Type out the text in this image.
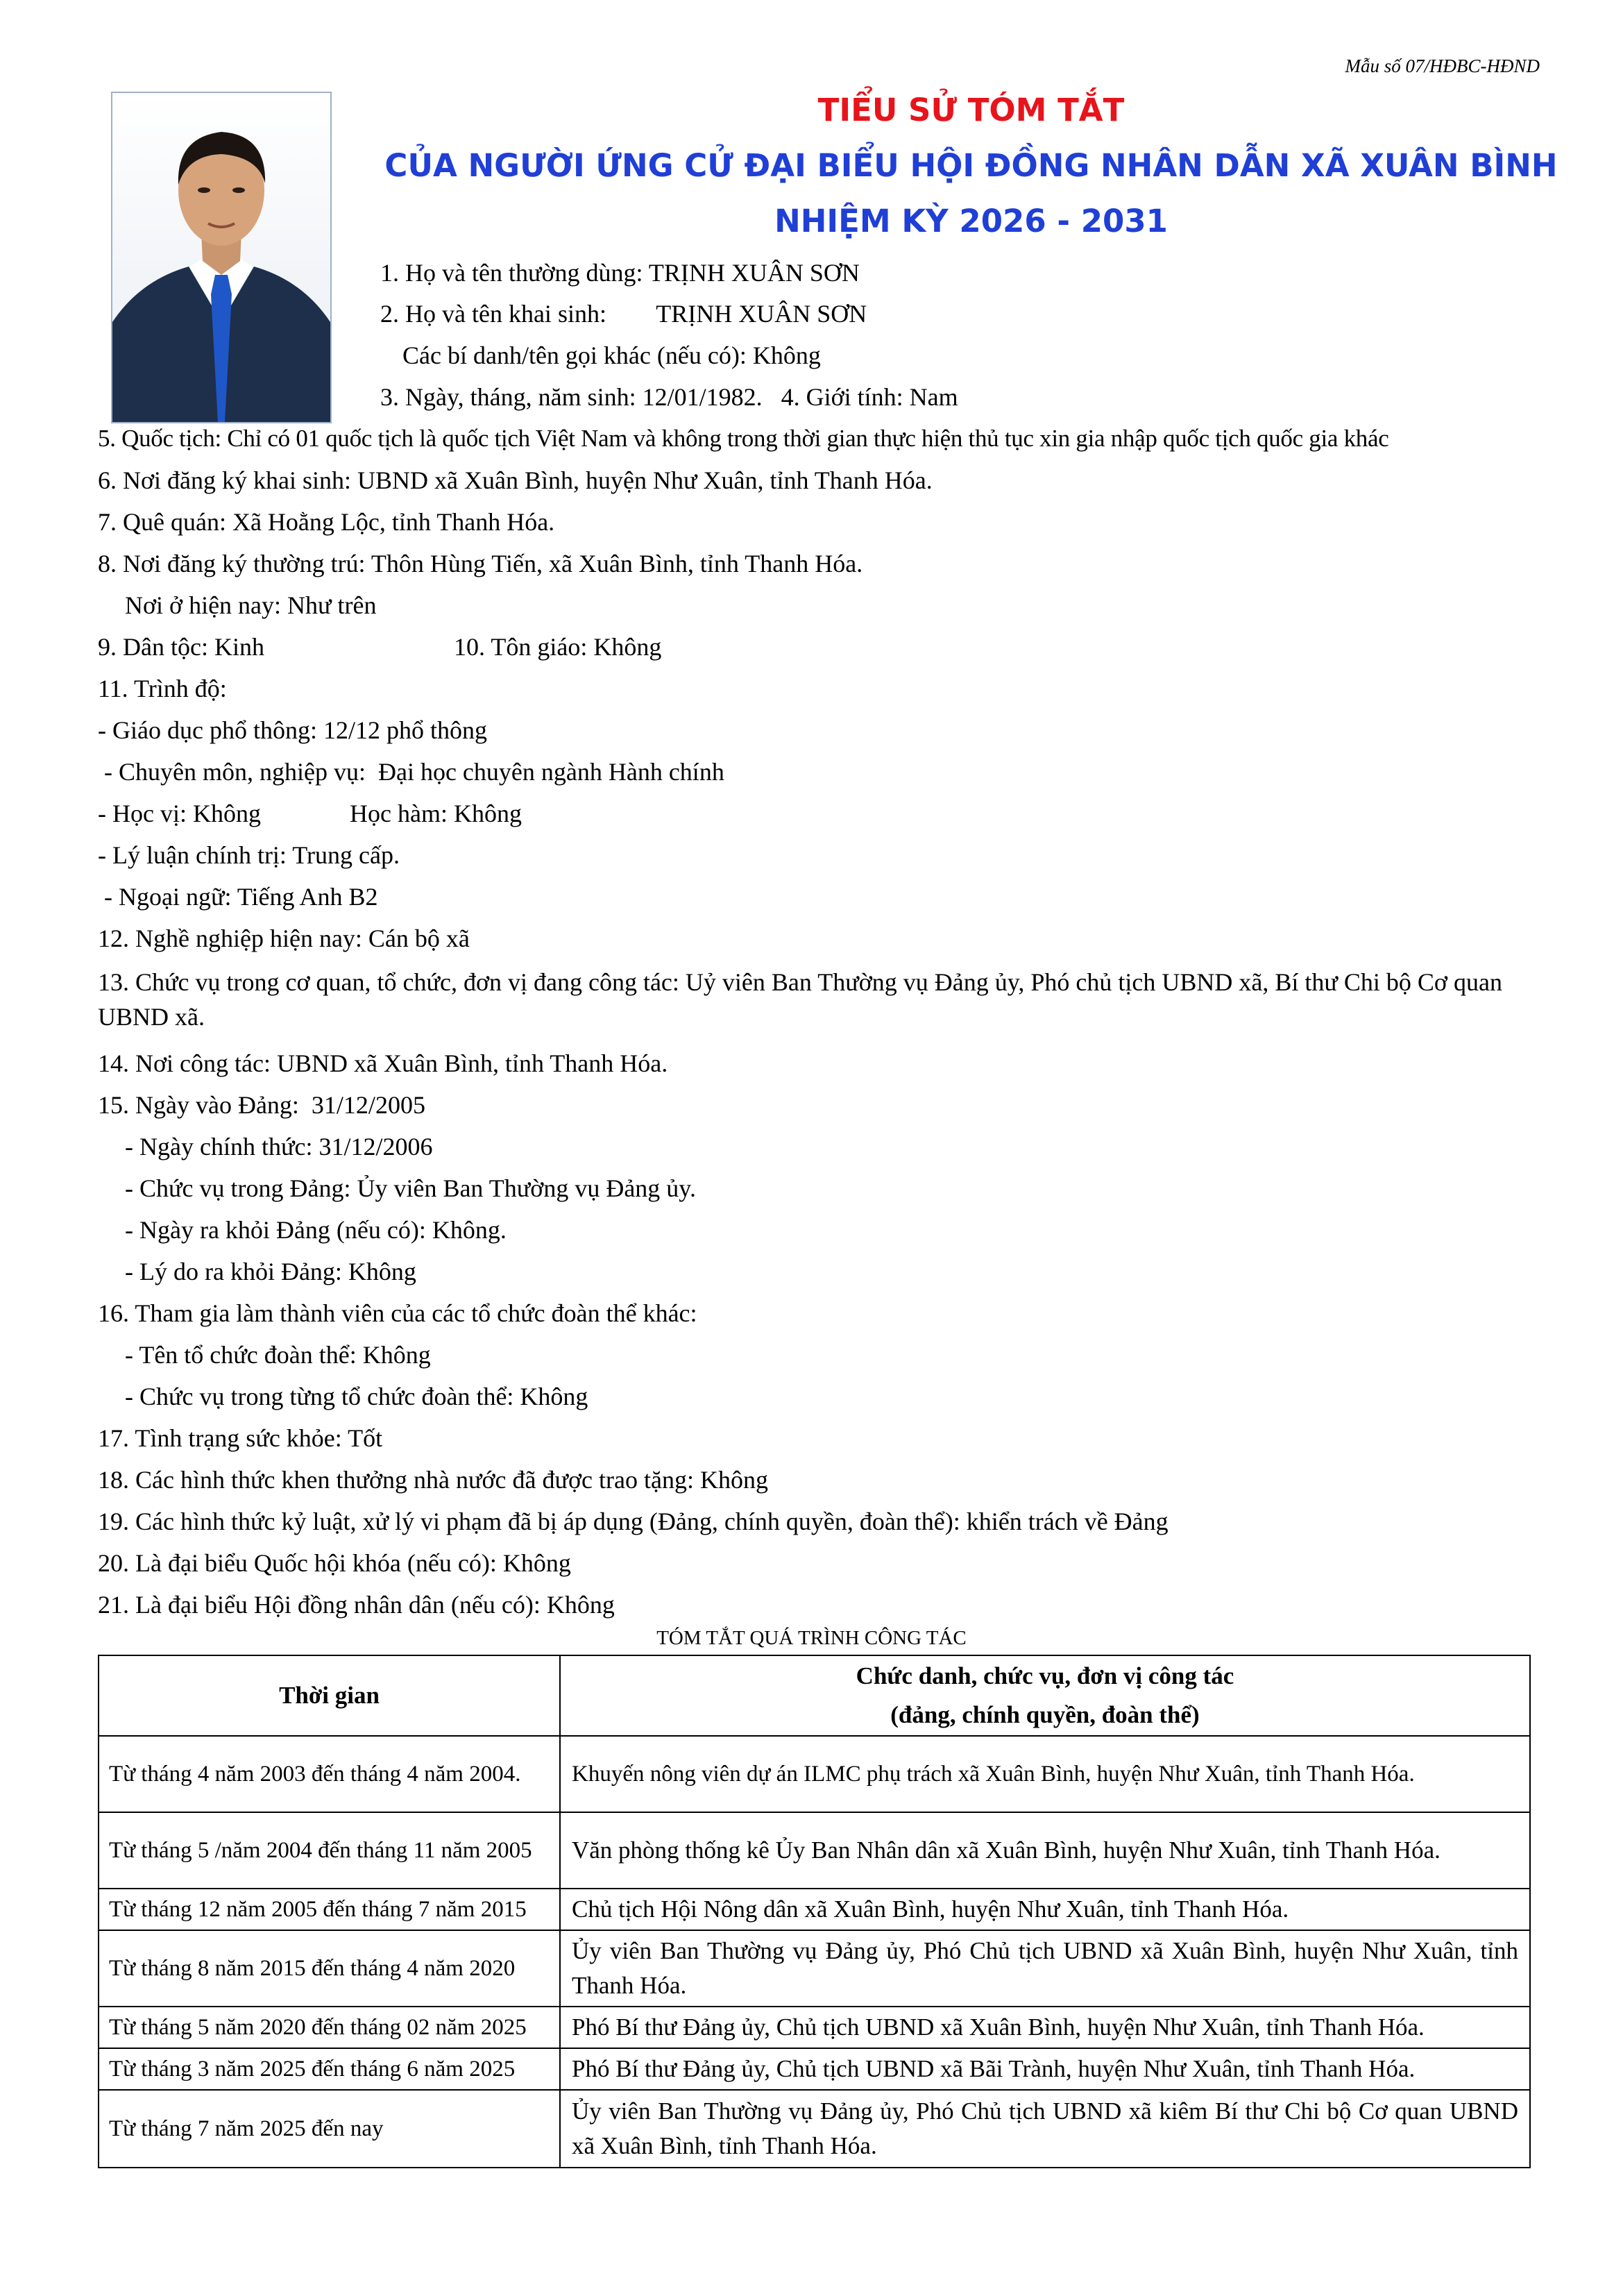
Mẫu số 07/HĐBC-HĐND
TIỂU SỬ TÓM TẮT
CỦA NGƯỜI ỨNG CỬ ĐẠI BIỂU HỘI ĐỒNG NHÂN DẪN XÃ XUÂN BÌNH
NHIỆM KỲ 2026 - 2031

1. Họ và tên thường dùng: TRỊNH XUÂN SƠN

2. Họ và tên khai sinh:        TRỊNH XUÂN SƠN

Các bí danh/tên gọi khác (nếu có): Không

3. Ngày, tháng, năm sinh: 12/01/1982.   4. Giới tính: Nam

5. Quốc tịch: Chỉ có 01 quốc tịch là quốc tịch Việt Nam và không trong thời gian thực hiện thủ tục xin gia nhập quốc tịch quốc gia khác

6. Nơi đăng ký khai sinh: UBND xã Xuân Bình, huyện Như Xuân, tỉnh Thanh Hóa.

7. Quê quán: Xã Hoằng Lộc, tỉnh Thanh Hóa.

8. Nơi đăng ký thường trú: Thôn Hùng Tiến, xã Xuân Bình, tỉnh Thanh Hóa.

Nơi ở hiện nay: Như trên

9. Dân tộc: Kinh	10. Tôn giáo: Không

11. Trình độ:

- Giáo dục phổ thông: 12/12 phổ thông

- Chuyên môn, nghiệp vụ:  Đại học chuyên ngành Hành chính

- Học vị: Không	Học hàm: Không

- Lý luận chính trị: Trung cấp.

- Ngoại ngữ: Tiếng Anh B2

12. Nghề nghiệp hiện nay: Cán bộ xã

13. Chức vụ trong cơ quan, tổ chức, đơn vị đang công tác: Uỷ viên Ban Thường vụ Đảng ủy, Phó chủ tịch UBND xã, Bí thư Chi bộ Cơ quan UBND xã.

14. Nơi công tác: UBND xã Xuân Bình, tỉnh Thanh Hóa.

15. Ngày vào Đảng:  31/12/2005

- Ngày chính thức: 31/12/2006

- Chức vụ trong Đảng: Ủy viên Ban Thường vụ Đảng ủy.

- Ngày ra khỏi Đảng (nếu có): Không.

- Lý do ra khỏi Đảng: Không

16. Tham gia làm thành viên của các tổ chức đoàn thể khác:

- Tên tổ chức đoàn thể: Không

- Chức vụ trong từng tổ chức đoàn thể: Không

17. Tình trạng sức khỏe: Tốt

18. Các hình thức khen thưởng nhà nước đã được trao tặng: Không

19. Các hình thức kỷ luật, xử lý vi phạm đã bị áp dụng (Đảng, chính quyền, đoàn thể): khiển trách về Đảng

20. Là đại biểu Quốc hội khóa (nếu có): Không

21. Là đại biểu Hội đồng nhân dân (nếu có): Không

TÓM TẮT QUÁ TRÌNH CÔNG TÁC

Thời gian	Chức danh, chức vụ, đơn vị công tác
(đảng, chính quyền, đoàn thể)

Từ tháng 4 năm 2003 đến tháng 4 năm 2004.	Khuyến nông viên dự án ILMC phụ trách xã Xuân Bình, huyện Như Xuân, tỉnh Thanh Hóa.
Từ tháng 5 /năm 2004 đến tháng 11 năm 2005	Văn phòng thống kê Ủy Ban Nhân dân xã Xuân Bình, huyện Như Xuân, tỉnh Thanh Hóa.
Từ tháng 12 năm 2005 đến tháng 7 năm 2015	Chủ tịch Hội Nông dân xã Xuân Bình, huyện Như Xuân, tỉnh Thanh Hóa.
Từ tháng 8 năm 2015 đến tháng 4 năm 2020	Ủy viên Ban Thường vụ Đảng ủy, Phó Chủ tịch UBND xã Xuân Bình, huyện Như Xuân, tỉnh Thanh Hóa.
Từ tháng 5 năm 2020 đến tháng 02 năm 2025	Phó Bí thư Đảng ủy, Chủ tịch UBND xã Xuân Bình, huyện Như Xuân, tỉnh Thanh Hóa.
Từ tháng 3 năm 2025 đến tháng 6 năm 2025	Phó Bí thư Đảng ủy, Chủ tịch UBND xã Bãi Trành, huyện Như Xuân, tỉnh Thanh Hóa.
Từ tháng 7 năm 2025 đến nay	Ủy viên Ban Thường vụ Đảng ủy, Phó Chủ tịch UBND xã kiêm Bí thư Chi bộ Cơ quan UBND xã Xuân Bình, tỉnh Thanh Hóa.
